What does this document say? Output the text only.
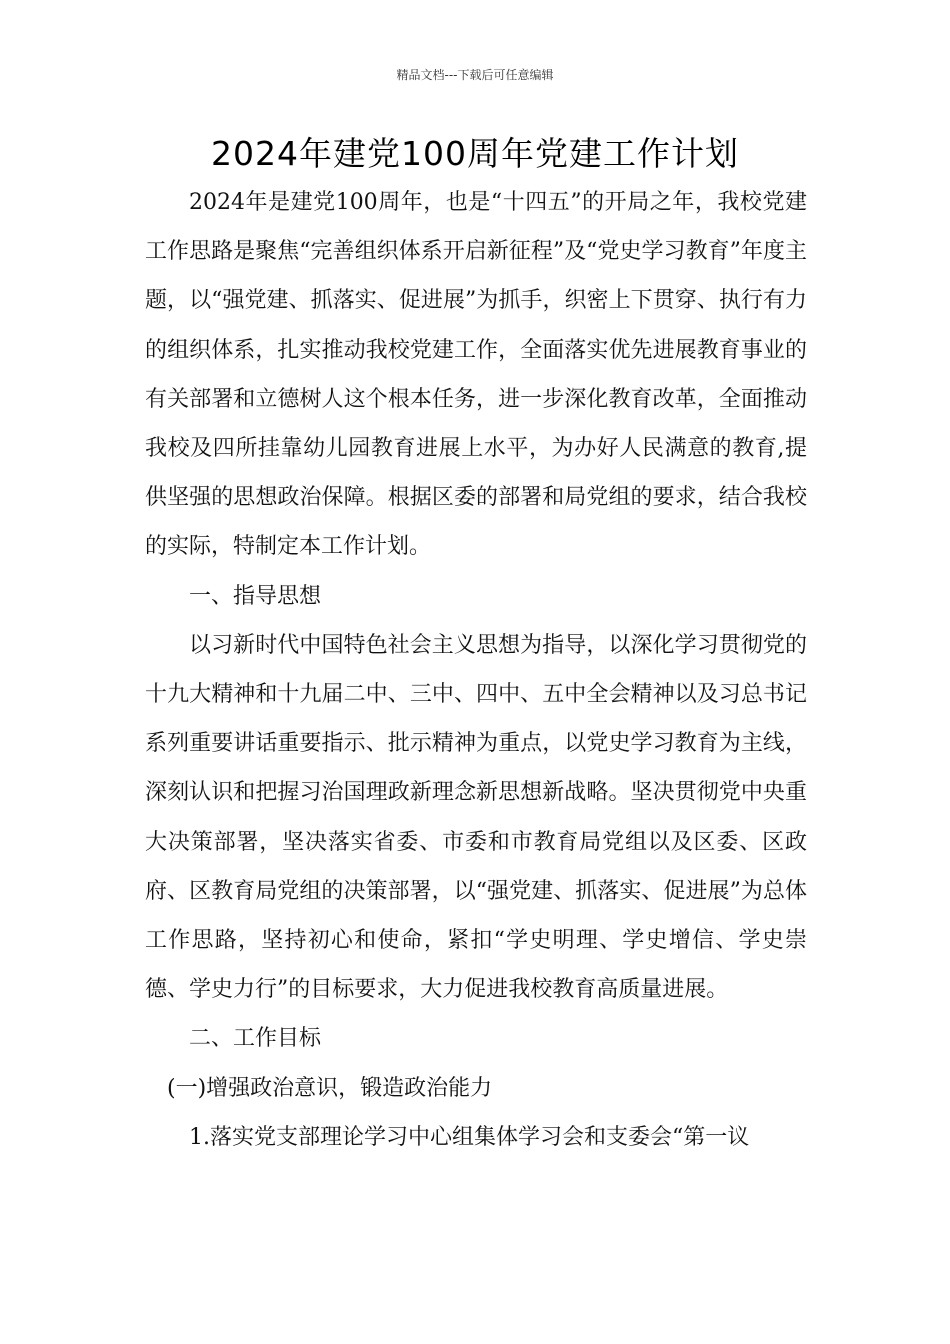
精品文档---下载后可任意编辑
2024年建党100周年党建工作计划

2024年是建党100周年，也是“十四五”的开局之年，我校党建工作思路是聚焦“完善组织体系开启新征程”及“党史学习教育”年度主题，以“强党建、抓落实、促进展”为抓手，织密上下贯穿、执行有力的组织体系，扎实推动我校党建工作，全面落实优先进展教育事业的有关部署和立德树人这个根本任务，进一步深化教育改革，全面推动我校及四所挂靠幼儿园教育进展上水平，为办好人民满意的教育,提供坚强的思想政治保障。根据区委的部署和局党组的要求，结合我校的实际，特制定本工作计划。

一、指导思想

以习新时代中国特色社会主义思想为指导，以深化学习贯彻党的十九大精神和十九届二中、三中、四中、五中全会精神以及习总书记系列重要讲话重要指示、批示精神为重点，以党史学习教育为主线，深刻认识和把握习治国理政新理念新思想新战略。坚决贯彻党中央重大决策部署，坚决落实省委、市委和市教育局党组以及区委、区政府、区教育局党组的决策部署，以“强党建、抓落实、促进展”为总体工作思路，坚持初心和使命，紧扣“学史明理、学史增信、学史崇德、学史力行”的目标要求，大力促进我校教育高质量进展。

二、工作目标

(一)增强政治意识，锻造政治能力

1.落实党支部理论学习中心组集体学习会和支委会“第一议
